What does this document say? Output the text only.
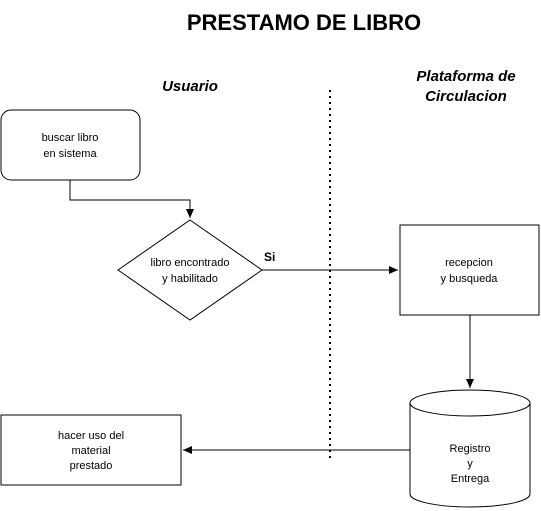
PRESTAMO DE LIBRO
Usuario
Plataforma de
Circulacion
buscar libro
en sistema
libro encontrado
y habilitado
recepcion
y busqueda
Registro
y
Entrega
hacer uso del
material
prestado
Si
